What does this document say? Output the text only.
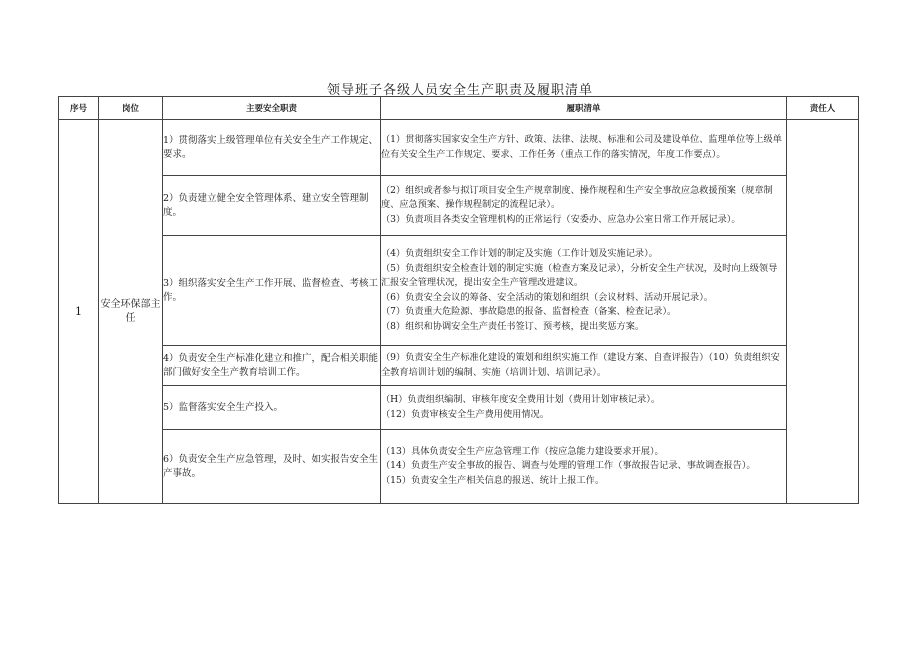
领导班子各级人员安全生产职责及履职清单
序号	岗位	主要安全职责	履职清单	责任人
1	安全环保部主任	1）贯彻落实上级管理单位有关安全生产工作规定、要求。	（1）贯彻落实国家安全生产方针、政策、法律、法规、标准和公司及建设单位、监理单位等上级单位有关安全生产工作规定、要求、工作任务（重点工作的落实情况，年度工作要点）。	

		2）负责建立健全安全管理体系、建立安全管理制度。	（2）组织或者参与拟订项目安全生产规章制度、操作规程和生产安全事故应急救援预案（规章制度、应急预案、操作规程制定的流程记录）。
（3）负责项目各类安全管理机构的正常运行（安委办、应急办公室日常工作开展记录）。	

		3）组织落实安全生产工作开展、监督检查、考核工作。	（4）负责组织安全工作计划的制定及实施（工作计划及实施记录）。
（5）负责组织安全检查计划的制定实施（检查方案及记录），分析安全生产状况，及时向上级领导汇报安全管理状况，提出安全生产管理改进建议。
（6）负责安全会议的筹备、安全活动的策划和组织（会议材料、活动开展记录）。
（7）负责重大危险源、事故隐患的报备、监督检查（备案、检查记录）。
（8）组织和协调安全生产责任书签订、预考核，提出奖惩方案。	

		4）负责安全生产标准化建立和推广，配合相关职能部门做好安全生产教育培训工作。	（9）负责安全生产标准化建设的策划和组织实施工作（建设方案、自查评报告）（10）负责组织安全教育培训计划的编制、实施（培训计划、培训记录）。	

		5）监督落实安全生产投入。	（H）负责组织编制、审核年度安全费用计划（费用计划审核记录）。
（12）负责审核安全生产费用使用情况。	

		6）负责安全生产应急管理，及时、如实报告安全生产事故。	（13）具体负责安全生产应急管理工作（按应急能力建设要求开展）。
（14）负责生产安全事故的报告、调查与处理的管理工作（事故报告记录、事故调查报告）。
（15）负责安全生产相关信息的报送、统计上报工作。	
